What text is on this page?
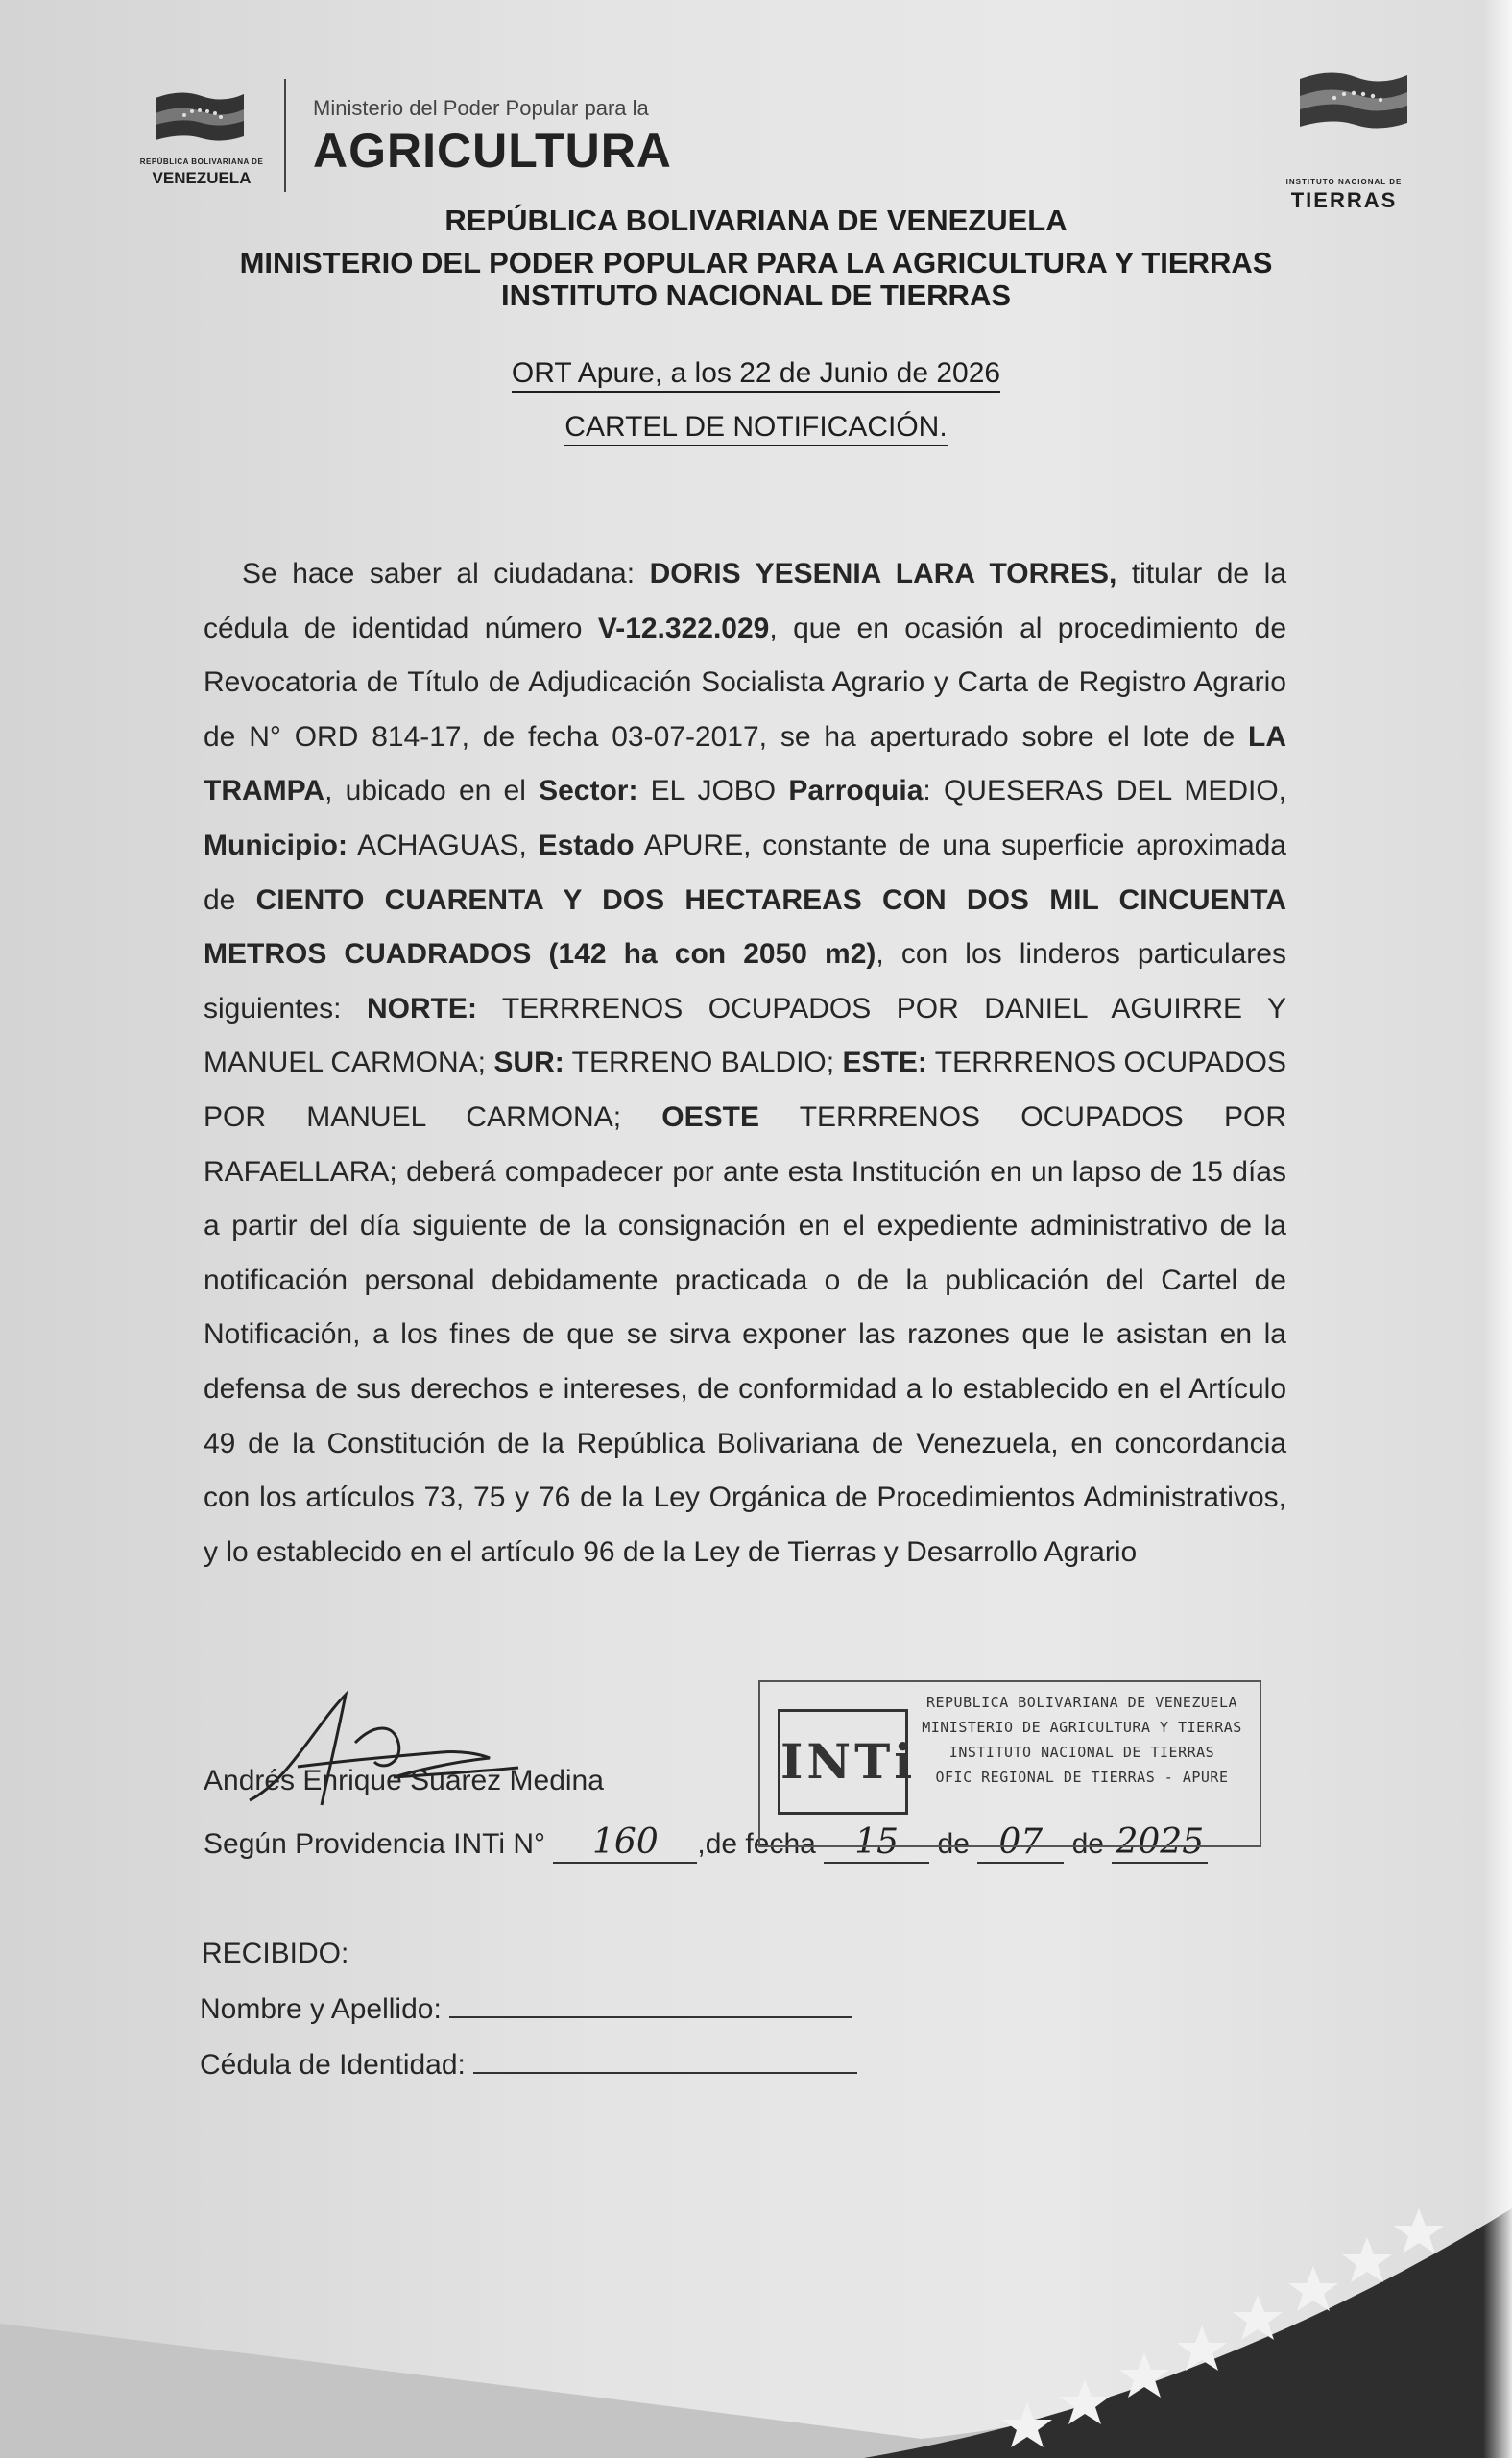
REPÚBLICA BOLIVARIANA DE
VENEZUELA
Ministerio del Poder Popular para la
AGRICULTURA
INSTITUTO NACIONAL DE
TIERRAS
REPÚBLICA BOLIVARIANA DE VENEZUELA
MINISTERIO DEL PODER POPULAR PARA LA AGRICULTURA Y TIERRAS
INSTITUTO NACIONAL DE TIERRAS
ORT Apure, a los 22 de Junio de 2026
CARTEL DE NOTIFICACIÓN.
Se hace saber al ciudadana: DORIS YESENIA LARA TORRES, titular de la cédula de identidad número V-12.322.029, que en ocasión al procedimiento de Revocatoria de Título de Adjudicación Socialista Agrario y Carta de Registro Agrario de N° ORD 814-17, de fecha 03-07-2017, se ha aperturado sobre el lote de LA TRAMPA, ubicado en el Sector: EL JOBO Parroquia: QUESERAS DEL MEDIO, Municipio: ACHAGUAS, Estado APURE, constante de una superficie aproximada de CIENTO CUARENTA Y DOS HECTAREAS CON DOS MIL CINCUENTA METROS CUADRADOS (142 ha con 2050 m2), con los linderos particulares siguientes: NORTE: TERRRENOS OCUPADOS POR DANIEL AGUIRRE Y MANUEL CARMONA; SUR: TERRENO BALDIO; ESTE: TERRRENOS OCUPADOS POR MANUEL CARMONA; OESTE TERRRENOS OCUPADOS POR RAFAELLARA; deberá compadecer por ante esta Institución en un lapso de 15 días a partir del día siguiente de la consignación en el expediente administrativo de la notificación personal debidamente practicada o de la publicación del Cartel de Notificación, a los fines de que se sirva exponer las razones que le asistan en la defensa de sus derechos e intereses, de conformidad a lo establecido en el Artículo 49 de la Constitución de la República Bolivariana de Venezuela, en concordancia con los artículos 73, 75 y 76 de la Ley Orgánica de Procedimientos Administrativos, y lo establecido en el artículo 96 de la Ley de Tierras y Desarrollo Agrario
Andrés Enrique Suarez Medina
Según Providencia INTi N° 160 ,de fecha 15 de 07 de 2025
INTi
REPUBLICA BOLIVARIANA DE VENEZUELA
MINISTERIO DE AGRICULTURA Y TIERRAS
INSTITUTO NACIONAL DE TIERRAS
OFIC REGIONAL DE TIERRAS - APURE
RECIBIDO:
Nombre y Apellido:
Cédula de Identidad:
